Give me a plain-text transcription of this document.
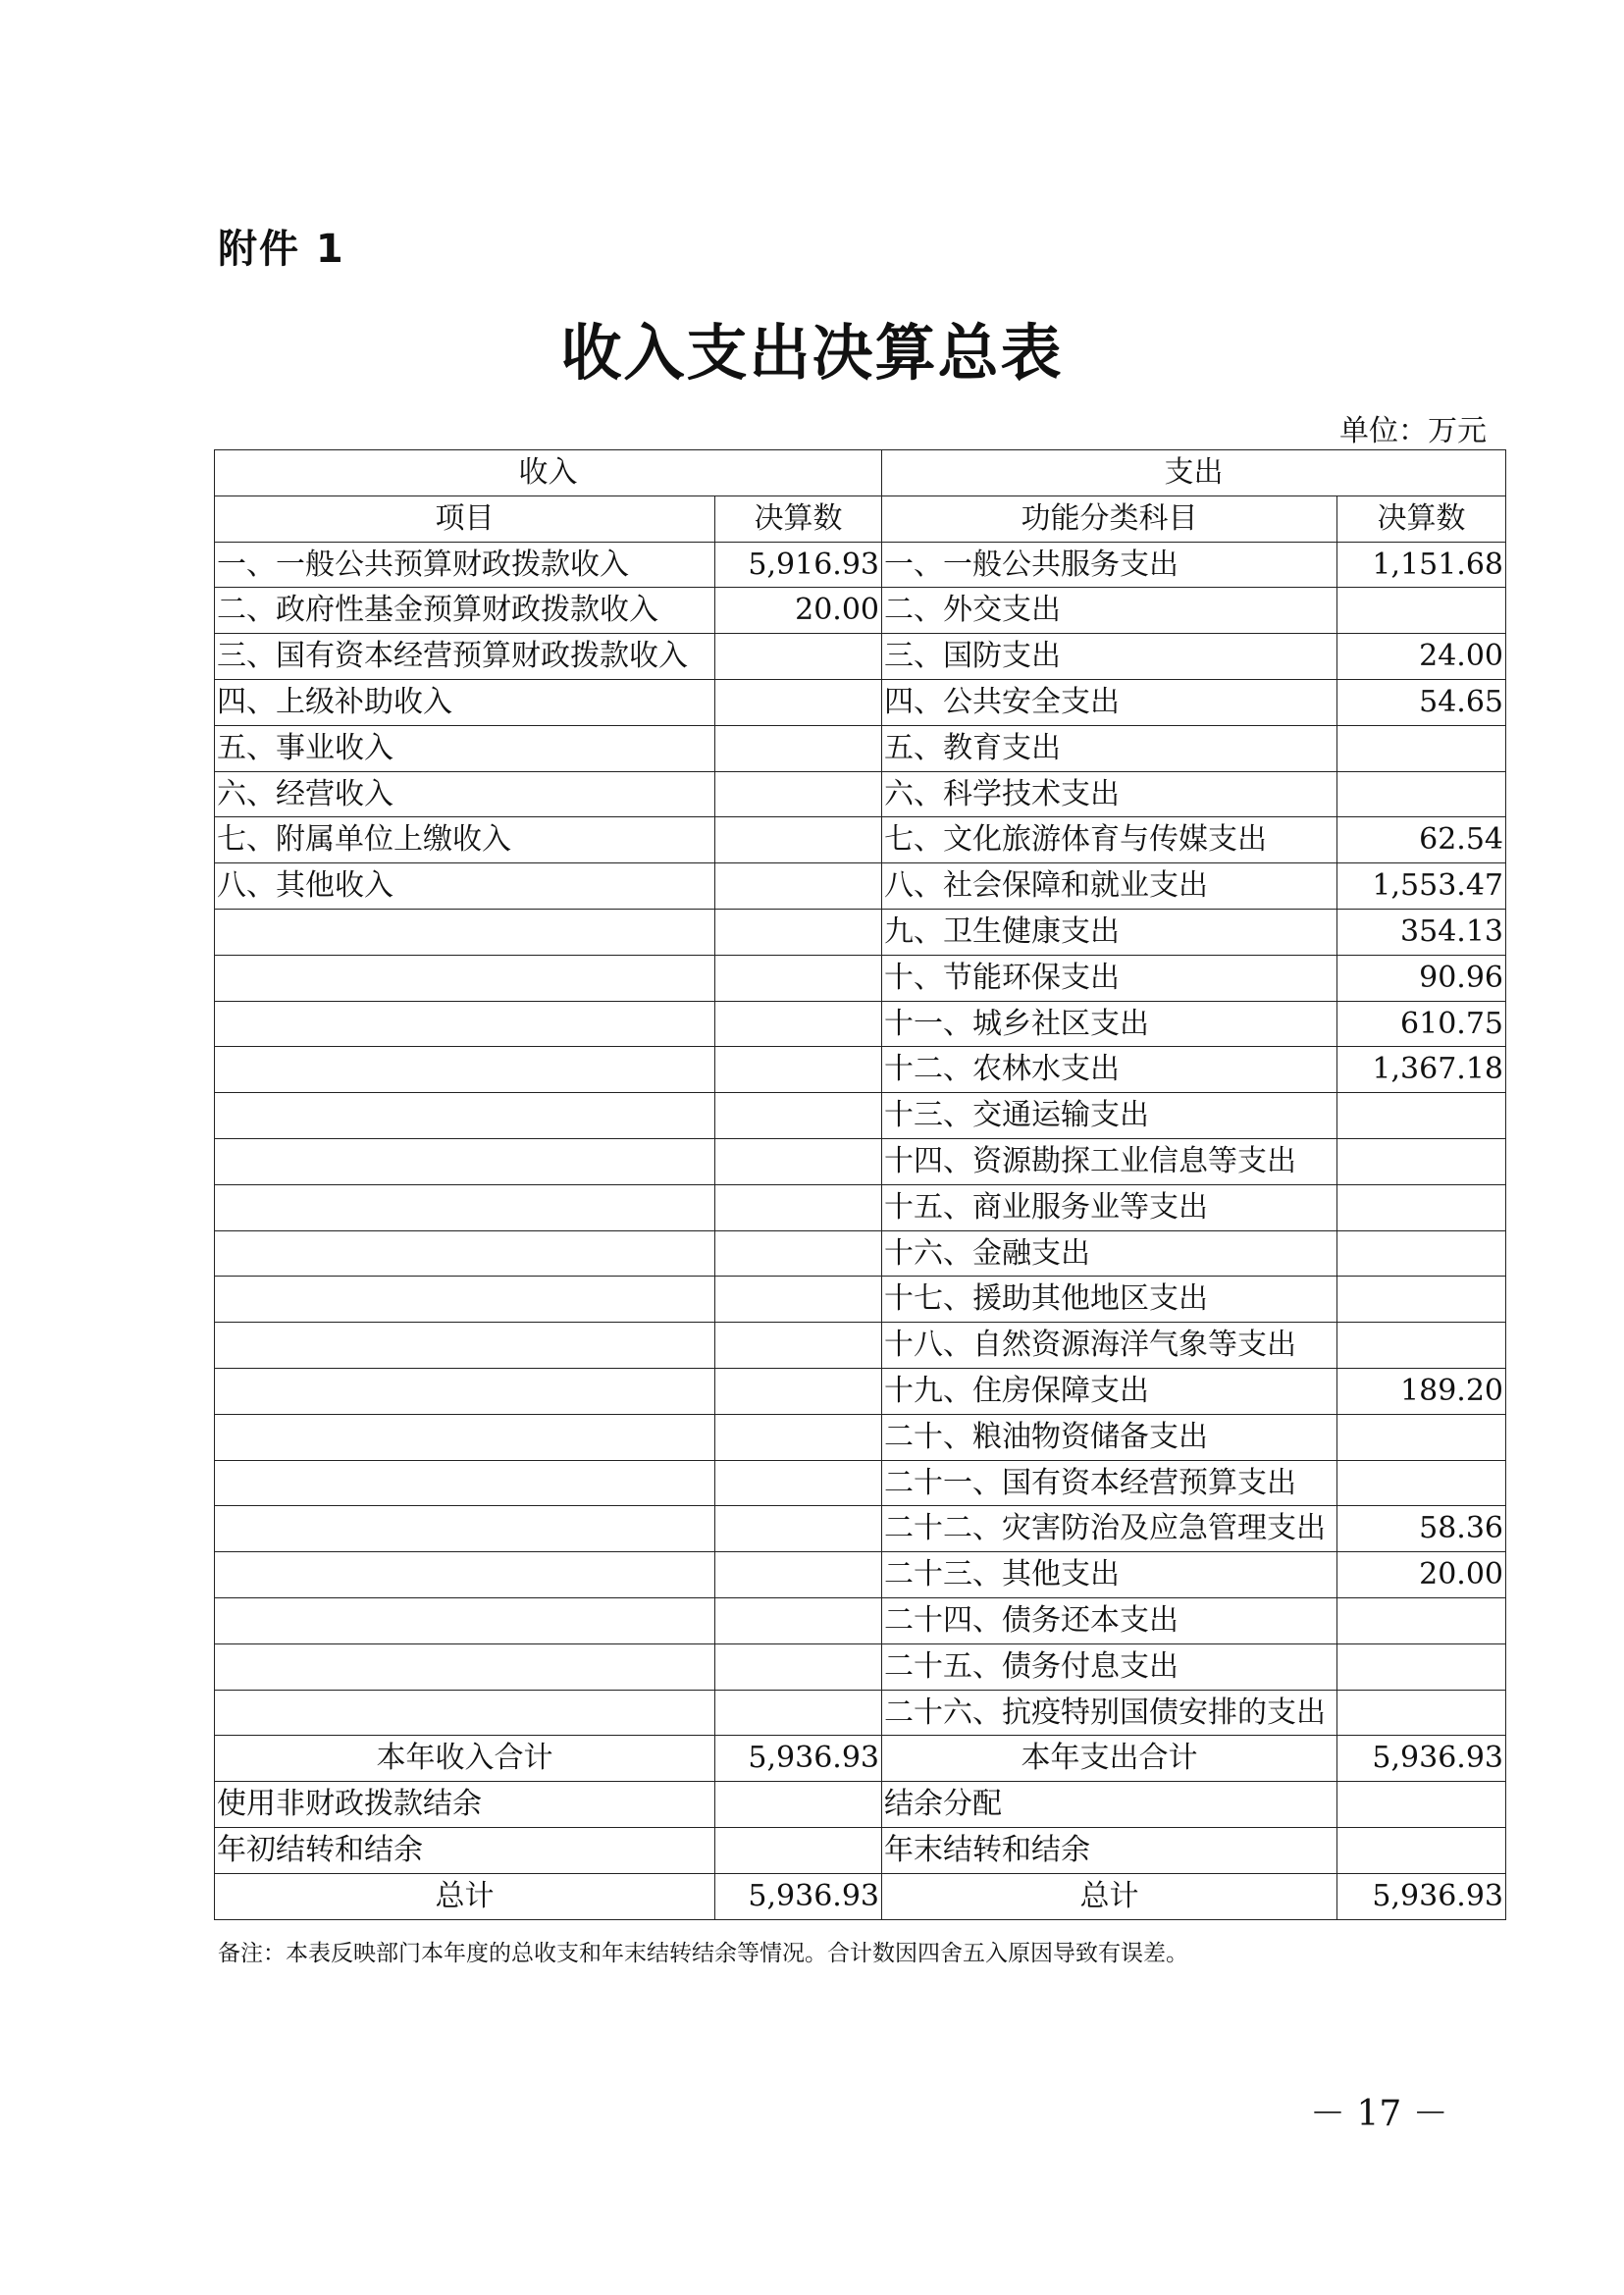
附件 1
收入支出决算总表
单位：万元
收入		支出	
项目	决算数	功能分类科目	决算数
一、一般公共预算财政拨款收入	5,916.93	一、一般公共服务支出	1,151.68
二、政府性基金预算财政拨款收入	20.00	二、外交支出	
三、国有资本经营预算财政拨款收入		三、国防支出	24.00
四、上级补助收入		四、公共安全支出	54.65
五、事业收入		五、教育支出	
六、经营收入		六、科学技术支出	
七、附属单位上缴收入		七、文化旅游体育与传媒支出	62.54
八、其他收入		八、社会保障和就业支出	1,553.47
		九、卫生健康支出	354.13
		十、节能环保支出	90.96
		十一、城乡社区支出	610.75
		十二、农林水支出	1,367.18
		十三、交通运输支出	
		十四、资源勘探工业信息等支出	
		十五、商业服务业等支出	
		十六、金融支出	
		十七、援助其他地区支出	
		十八、自然资源海洋气象等支出	
		十九、住房保障支出	189.20
		二十、粮油物资储备支出	
		二十一、国有资本经营预算支出	
		二十二、灾害防治及应急管理支出	58.36
		二十三、其他支出	20.00
		二十四、债务还本支出	
		二十五、债务付息支出	
		二十六、抗疫特别国债安排的支出	
本年收入合计	5,936.93	本年支出合计	5,936.93
使用非财政拨款结余		结余分配	
年初结转和结余		年末结转和结余	
总计	5,936.93	总计	5,936.93
备注：本表反映部门本年度的总收支和年末结转结余等情况。合计数因四舍五入原因导致有误差。
－ 17 －
